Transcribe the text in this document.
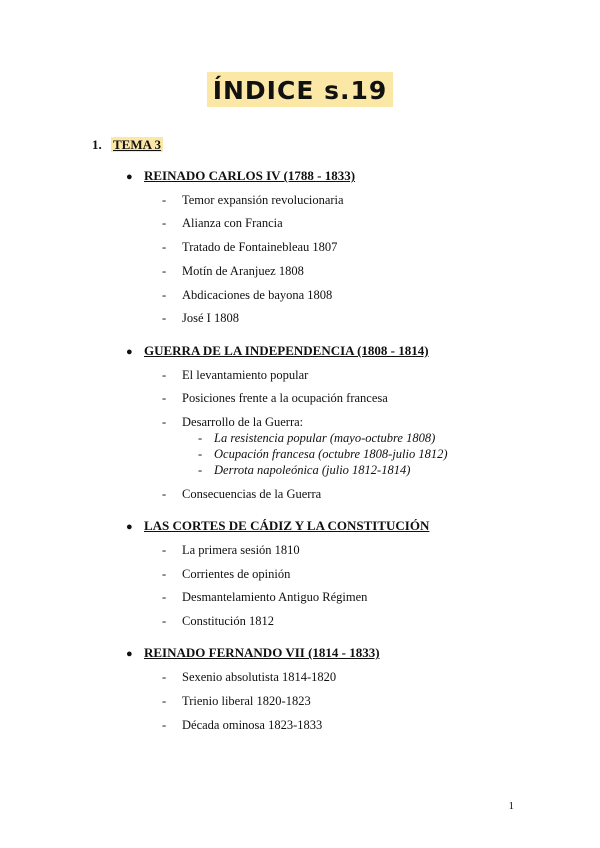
ÍNDICE s.19
1. TEMA 3
● REINADO CARLOS IV (1788 - 1833)
- Temor expansión revolucionaria
- Alianza con Francia
- Tratado de Fontainebleau 1807
- Motín de Aranjuez 1808
- Abdicaciones de bayona 1808
- José I 1808
● GUERRA DE LA INDEPENDENCIA (1808 - 1814)
- El levantamiento popular
- Posiciones frente a la ocupación francesa
- Desarrollo de la Guerra:
- La resistencia popular (mayo-octubre 1808)
- Ocupación francesa (octubre 1808-julio 1812)
- Derrota napoleónica (julio 1812-1814)
- Consecuencias de la Guerra
● LAS CORTES DE CÁDIZ Y LA CONSTITUCIÓN
- La primera sesión 1810
- Corrientes de opinión
- Desmantelamiento Antiguo Régimen
- Constitución 1812
● REINADO FERNANDO VII (1814 - 1833)
- Sexenio absolutista 1814-1820
- Trienio liberal 1820-1823
- Década ominosa 1823-1833
1
